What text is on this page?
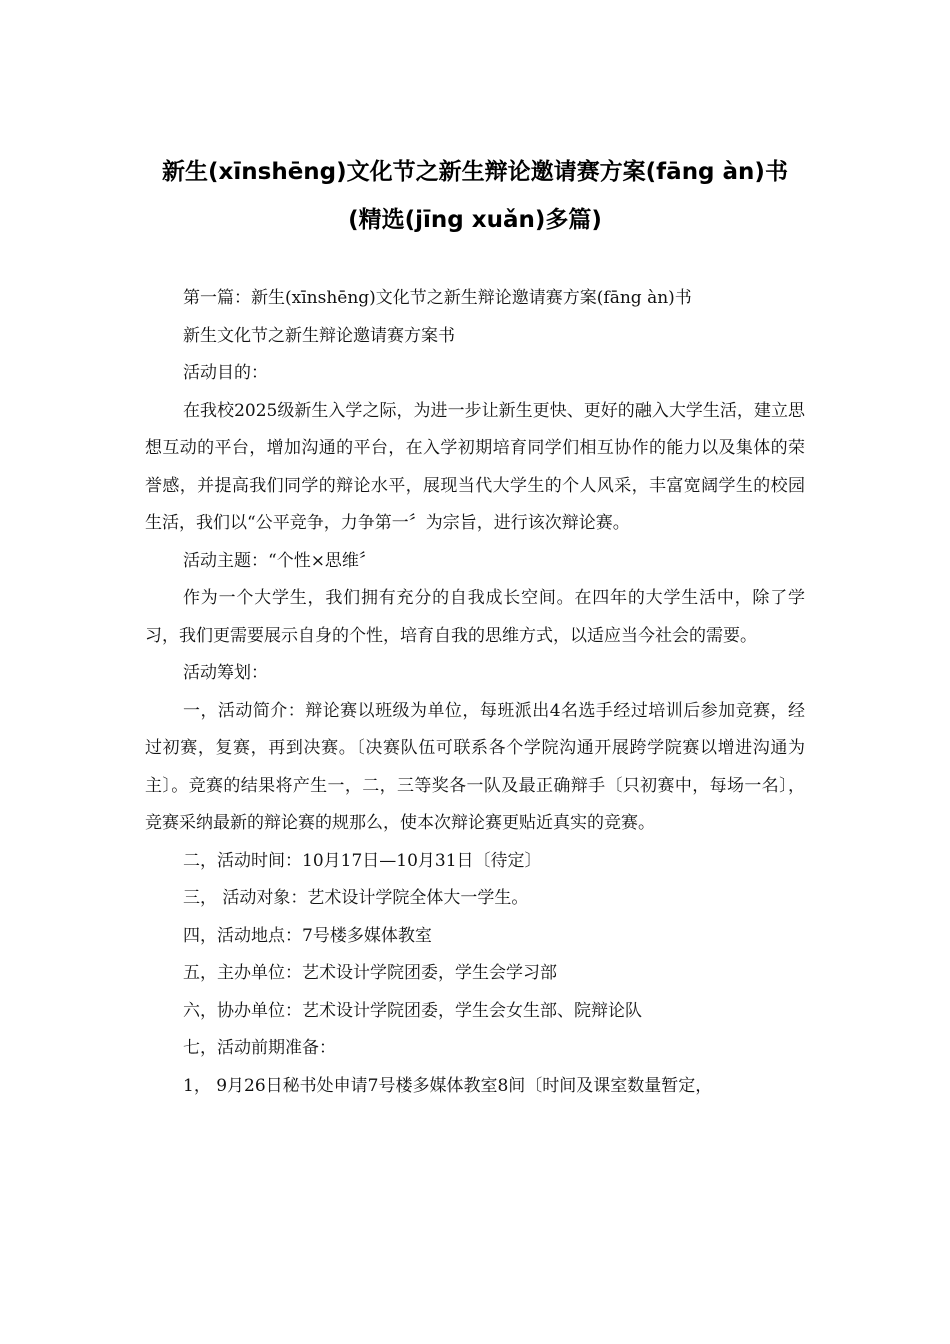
新生(xīnshēng)文化节之新生辩论邀请赛方案(fāng àn)书
(精选(jīng xuǎn)多篇)

第一篇：新生(xīnshēng)文化节之新生辩论邀请赛方案(fāng àn)书

新生文化节之新生辩论邀请赛方案书

活动目的：

在我校2025级新生入学之际，为进一步让新生更快、更好的融入大学生活，建立思想互动的平台，增加沟通的平台，在入学初期培育同学们相互协作的能力以及集体的荣誉感，并提高我们同学的辩论水平，展现当代大学生的个人风采，丰富宽阔学生的校园生活，我们以“公平竞争，力争第一〞为宗旨，进行该次辩论赛。

活动主题：“个性×思维〞

作为一个大学生，我们拥有充分的自我成长空间。在四年的大学生活中，除了学习，我们更需要展示自身的个性，培育自我的思维方式，以适应当今社会的需要。

活动筹划：

一，活动简介：辩论赛以班级为单位，每班派出4名选手经过培训后参加竞赛，经过初赛，复赛，再到决赛。〔决赛队伍可联系各个学院沟通开展跨学院赛以增进沟通为主〕。竞赛的结果将产生一，二，三等奖各一队及最正确辩手〔只初赛中，每场一名〕，竞赛采纳最新的辩论赛的规那么，使本次辩论赛更贴近真实的竞赛。

二，活动时间：10月17日—10月31日〔待定〕

三， 活动对象：艺术设计学院全体大一学生。

四，活动地点：7号楼多媒体教室

五，主办单位：艺术设计学院团委，学生会学习部

六，协办单位：艺术设计学院团委，学生会女生部、院辩论队

七，活动前期准备：

1， 9月26日秘书处申请7号楼多媒体教室8间〔时间及课室数量暂定，
